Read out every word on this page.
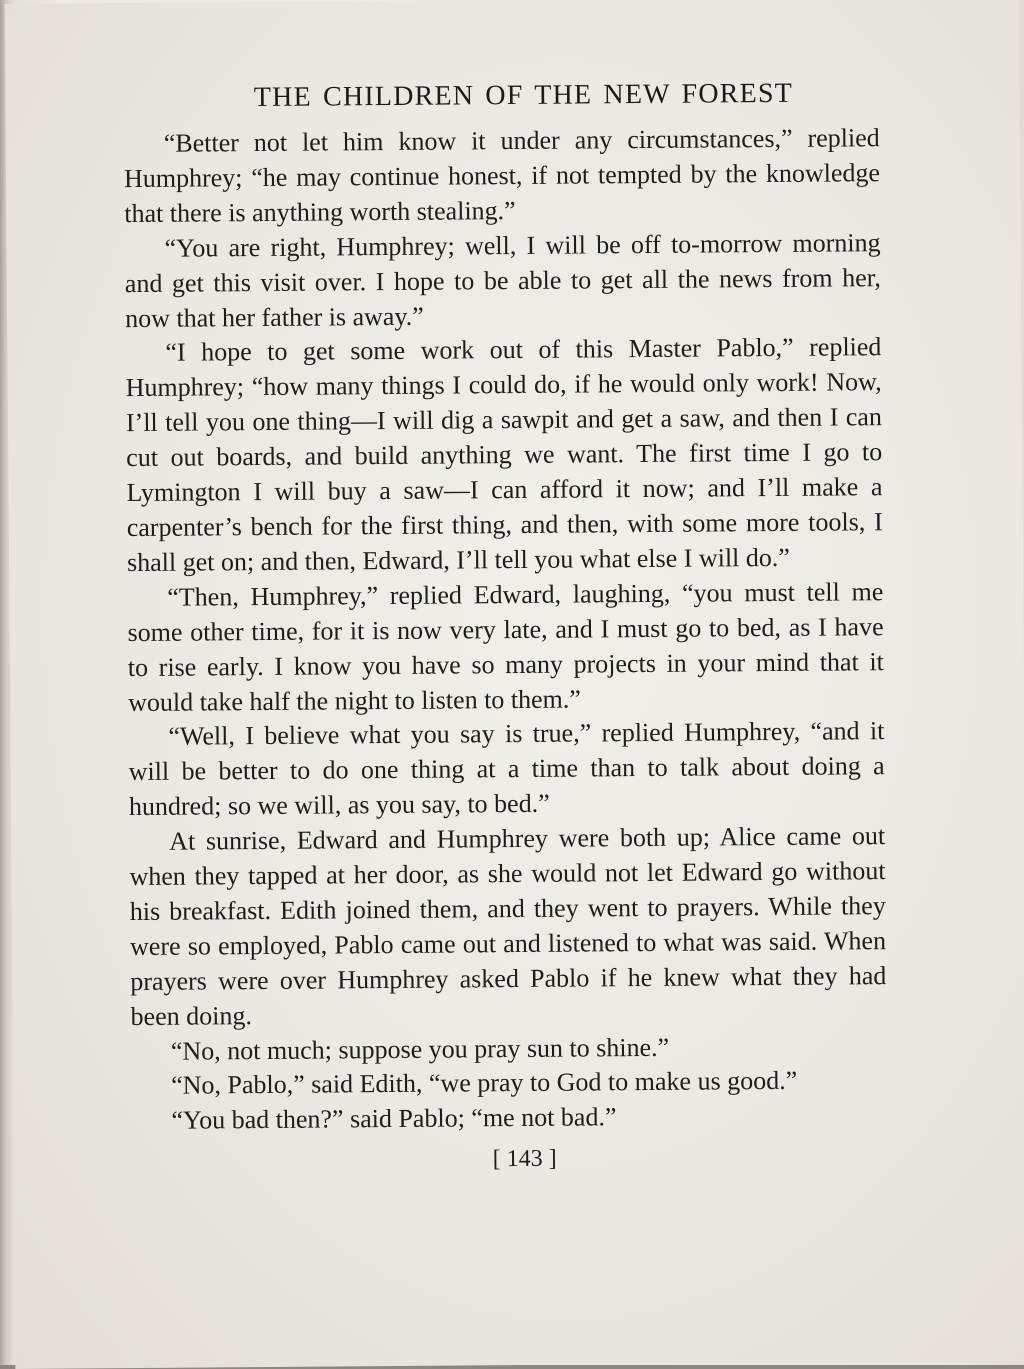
THE CHILDREN OF THE NEW FOREST

“Better not let him know it under any circumstances,” replied Humphrey; “he may continue honest, if not tempted by the knowledge that there is anything worth stealing.”

“You are right, Humphrey; well, I will be off to-morrow morning and get this visit over. I hope to be able to get all the news from her, now that her father is away.”

“I hope to get some work out of this Master Pablo,” replied Humphrey; “how many things I could do, if he would only work! Now, I’ll tell you one thing—I will dig a sawpit and get a saw, and then I can cut out boards, and build anything we want. The first time I go to Lymington I will buy a saw—I can afford it now; and I’ll make a carpenter’s bench for the first thing, and then, with some more tools, I shall get on; and then, Edward, I’ll tell you what else I will do.”

“Then, Humphrey,” replied Edward, laughing, “you must tell me some other time, for it is now very late, and I must go to bed, as I have to rise early. I know you have so many projects in your mind that it would take half the night to listen to them.”

“Well, I believe what you say is true,” replied Humphrey, “and it will be better to do one thing at a time than to talk about doing a hundred; so we will, as you say, to bed.”

At sunrise, Edward and Humphrey were both up; Alice came out when they tapped at her door, as she would not let Edward go without his breakfast. Edith joined them, and they went to prayers. While they were so employed, Pablo came out and listened to what was said. When prayers were over Humphrey asked Pablo if he knew what they had been doing.

“No, not much; suppose you pray sun to shine.”

“No, Pablo,” said Edith, “we pray to God to make us good.”

“You bad then?” said Pablo; “me not bad.”

[ 143 ]
